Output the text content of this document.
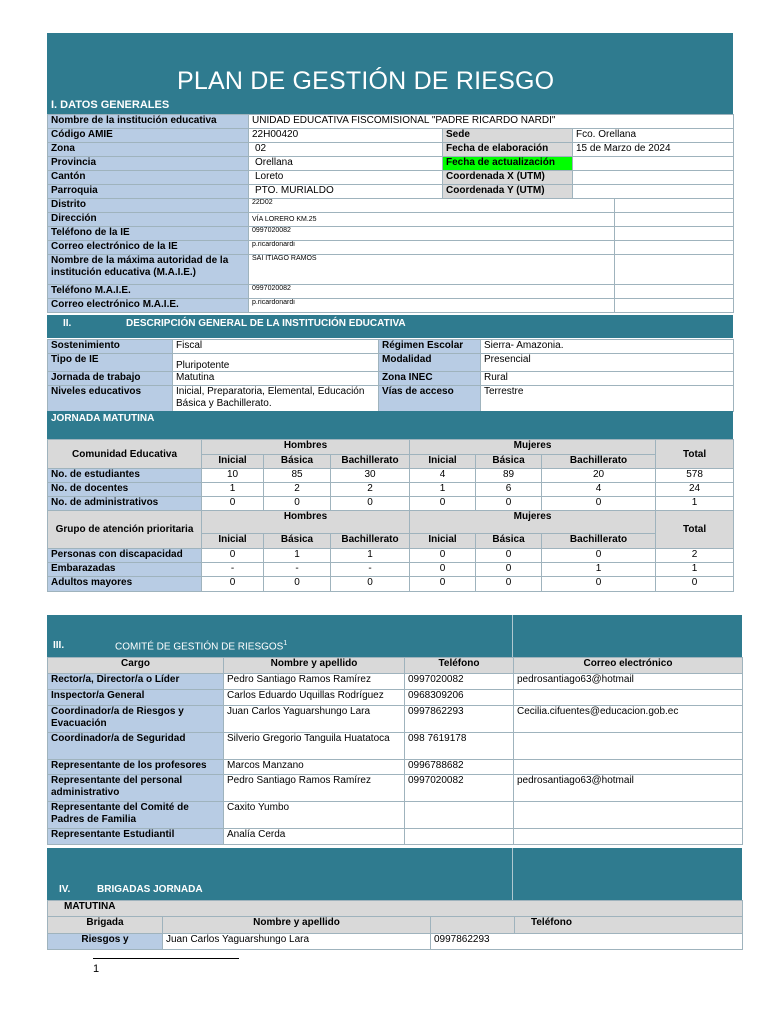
PLAN DE GESTIÓN DE RIESGO
I. DATOS GENERALES
Nombre de la institución educativa	UNIDAD EDUCATIVA FISCOMISIONAL "PADRE RICARDO NARDI"			
Código AMIE	22H00420	Sede	Fco. Orellana	
Zona	02	Fecha de elaboración	15 de Marzo de 2024	
Provincia	Orellana	Fecha de actualización		
Cantón	Loreto	Coordenada X (UTM)		
Parroquia	PTO. MURIALDO	Coordenada Y (UTM)		
Distrito	22D02			
Dirección	VÍA LORERO KM.25			
Teléfono de la IE	0997020082			
Correo electrónico de la IE	p.ricardonardi			
Nombre de la máxima autoridad de la institución educativa (M.A.I.E.)	SAI ITIAGO RAMOS			
Teléfono M.A.I.E.	0997020082			
Correo electrónico M.A.I.E.	p.ricardonardi			
II.	DESCRIPCIÓN GENERAL DE LA INSTITUCIÓN EDUCATIVA
Sostenimiento	Fiscal	Régimen Escolar	Sierra- Amazonia.
Tipo de IE	Pluripotente	Modalidad	Presencial
Jornada de trabajo	Matutina	Zona INEC	Rural
Niveles educativos	Inicial, Preparatoria, Elemental, Educación Básica y Bachillerato.	Vías de acceso	Terrestre
JORNADA MATUTINA
Comunidad Educativa	Hombres			Mujeres			Total
	Inicial	Básica	Bachillerato	Inicial	Básica	Bachillerato	
No. de estudiantes	10	85	30	4	89	20	578
No. de docentes	1	2	2	1	6	4	24
No. de administrativos	0	0	0	0	0	0	1
Grupo de atención prioritaria	Hombres			Mujeres			Total
	Inicial	Básica	Bachillerato	Inicial	Básica	Bachillerato	
Personas con discapacidad	0	1	1	0	0	0	2
Embarazadas	-	-	-	0	0	1	1
Adultos mayores	0	0	0	0	0	0	0
III.	COMITÉ DE GESTIÓN DE RIESGOS$^1$
Cargo	Nombre y apellido	Teléfono	Correo electrónico
Rector/a, Director/a o Líder	Pedro Santiago Ramos Ramírez	0997020082	pedrosantiago63@hotmail
Inspector/a General	Carlos Eduardo Uquillas Rodríguez	0968309206	
Coordinador/a de Riesgos y Evacuación	Juan Carlos Yaguarshungo Lara	0997862293	Cecilia.cifuentes@educacion.gob.ec
Coordinador/a de Seguridad	Silverio Gregorio Tanguila Huatatoca	098 7619178	
Representante de los profesores	Marcos Manzano	0996788682	
Representante del personal administrativo	Pedro Santiago Ramos Ramírez	0997020082	pedrosantiago63@hotmail
Representante del Comité de Padres de Familia	Caxito Yumbo		
Representante Estudiantil	Analía Cerda		
IV.	BRIGADAS JORNADA
MATUTINA			
Brigada	Nombre y apellido		Teléfono
Riesgos y	Juan Carlos Yaguarshungo Lara	0997862293	
1
